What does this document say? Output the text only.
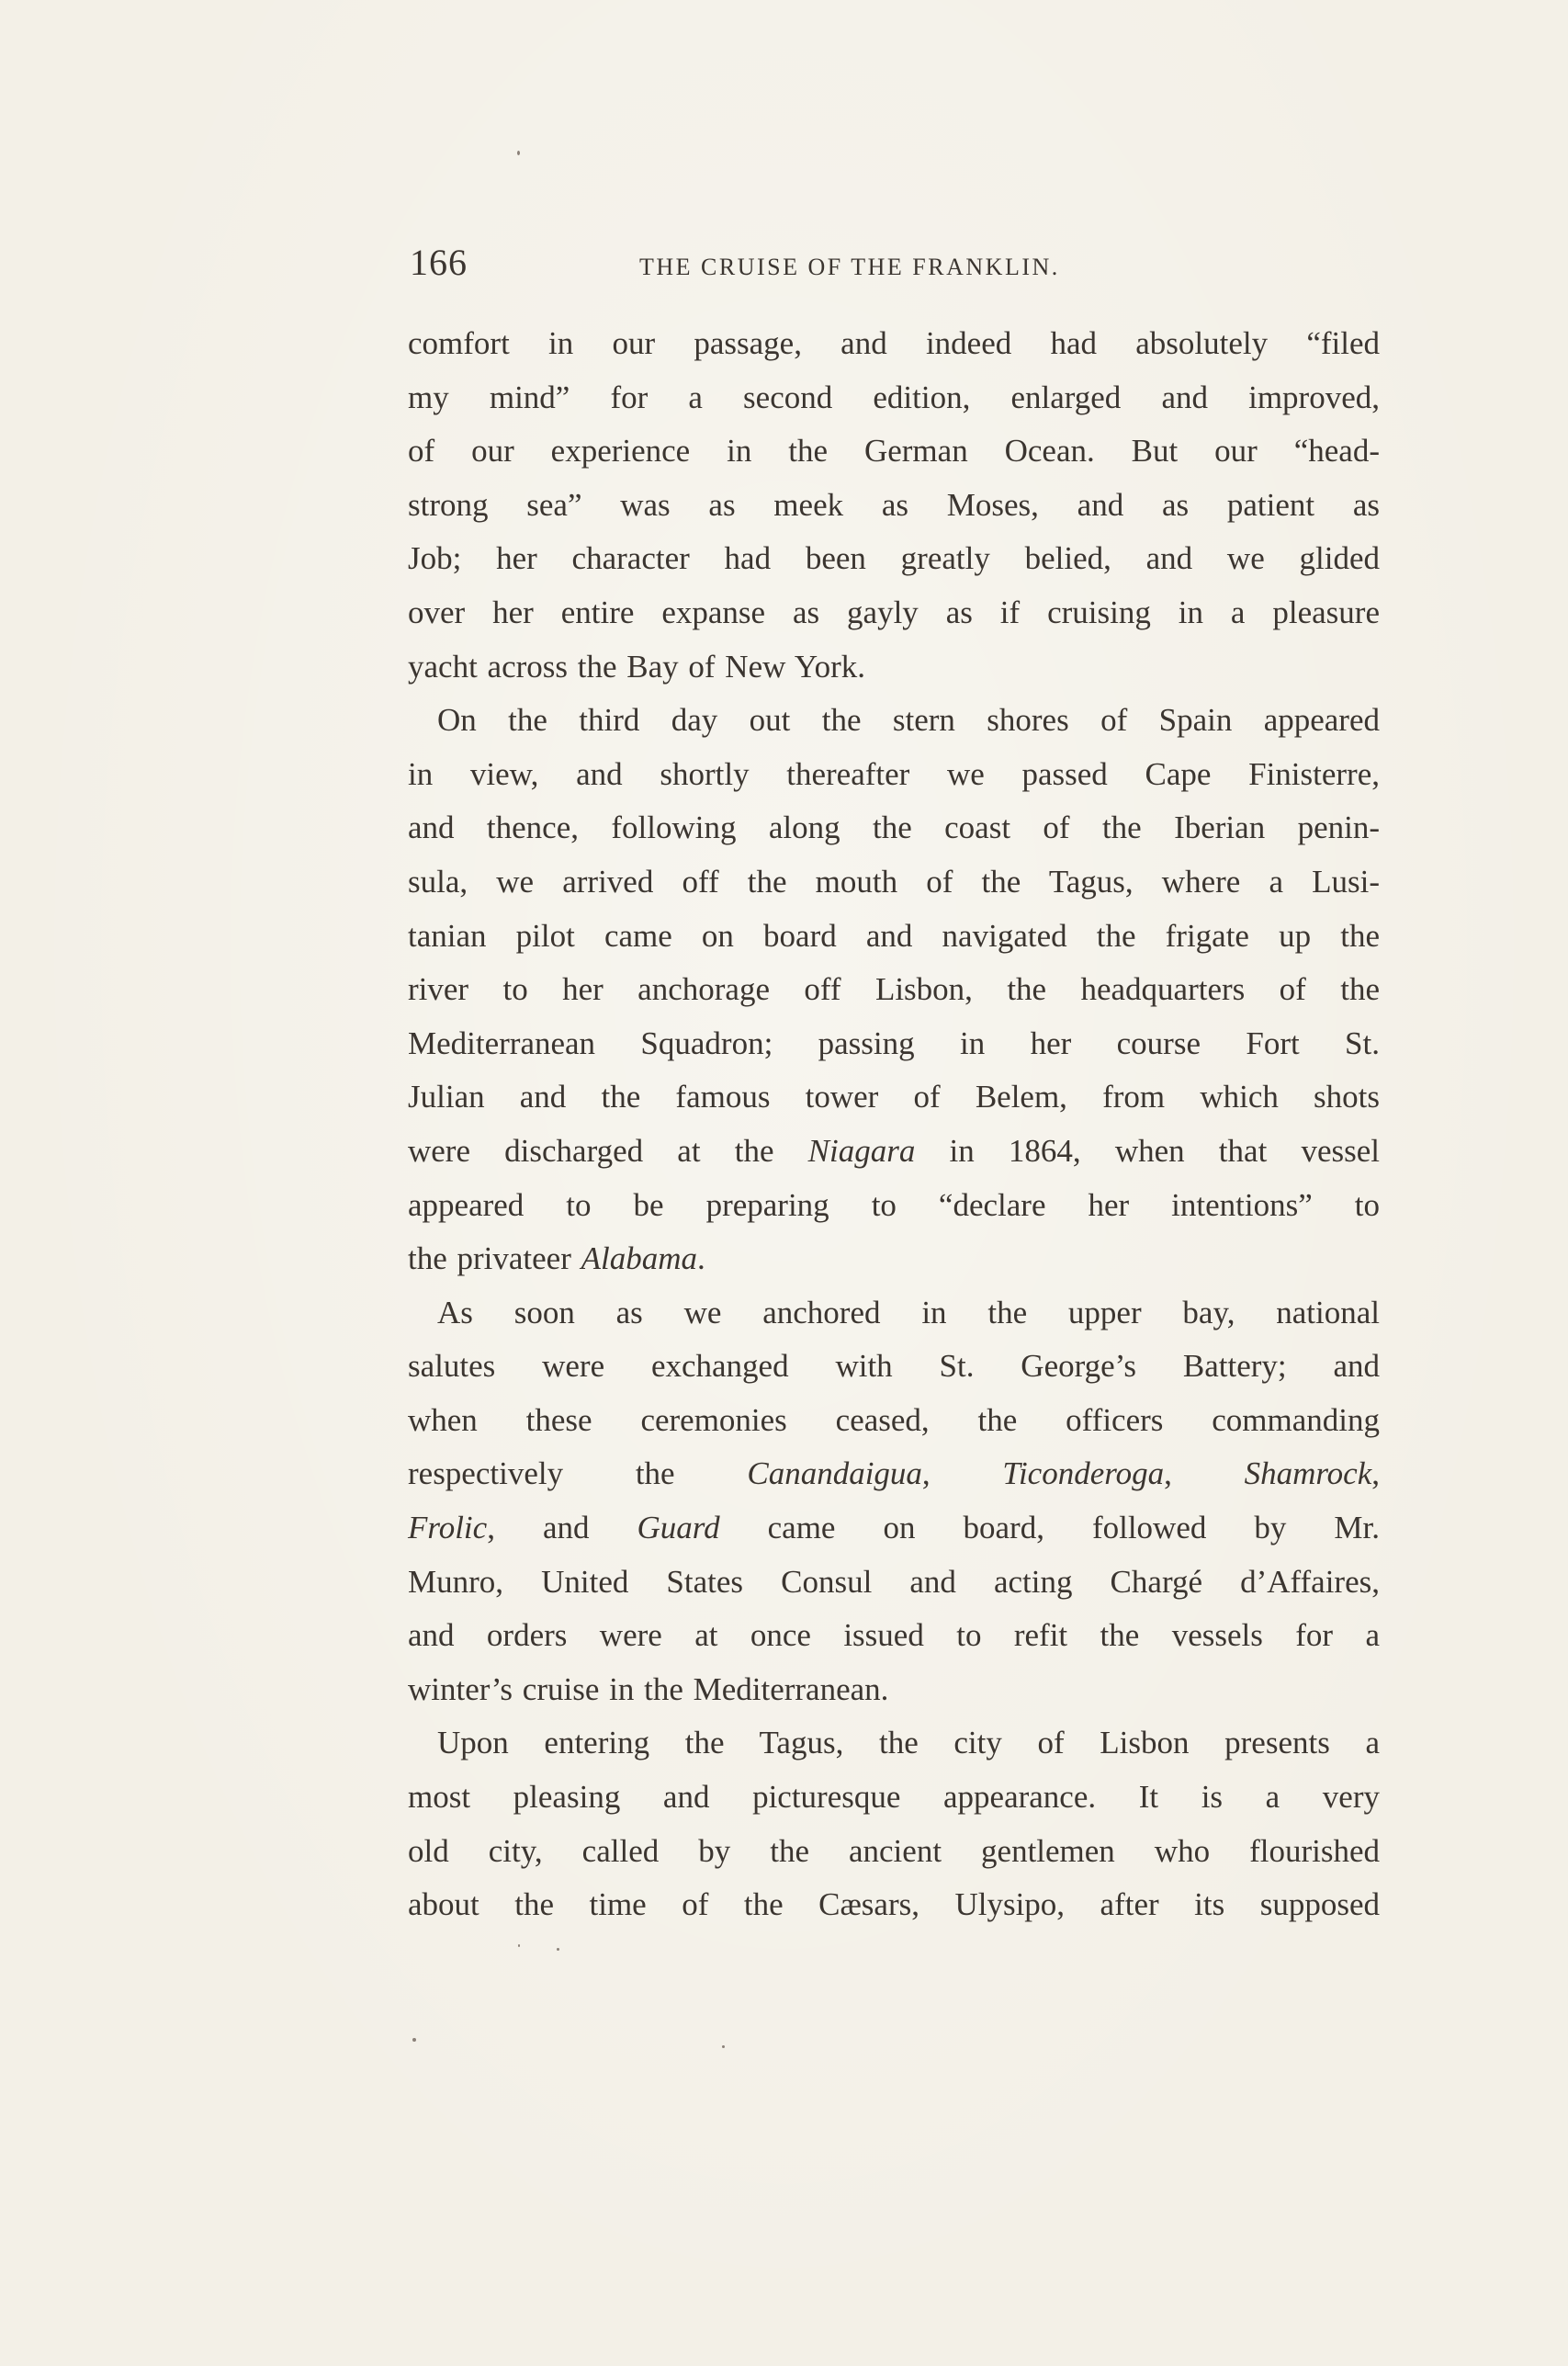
166	THE CRUISE OF THE FRANKLIN.
comfort in our passage, and indeed had absolutely “filed
my mind” for a second edition, enlarged and improved,
of our experience in the German Ocean. But our “head-
strong sea” was as meek as Moses, and as patient as
Job; her character had been greatly belied, and we glided
over her entire expanse as gayly as if cruising in a pleasure
yacht across the Bay of New York.
On the third day out the stern shores of Spain appeared
in view, and shortly thereafter we passed Cape Finisterre,
and thence, following along the coast of the Iberian penin-
sula, we arrived off the mouth of the Tagus, where a Lusi-
tanian pilot came on board and navigated the frigate up the
river to her anchorage off Lisbon, the headquarters of the
Mediterranean Squadron; passing in her course Fort St.
Julian and the famous tower of Belem, from which shots
were discharged at the Niagara in 1864, when that vessel
appeared to be preparing to “declare her intentions” to
the privateer Alabama.
As soon as we anchored in the upper bay, national
salutes were exchanged with St. George’s Battery; and
when these ceremonies ceased, the officers commanding
respectively the Canandaigua, Ticonderoga, Shamrock,
Frolic, and Guard came on board, followed by Mr.
Munro, United States Consul and acting Chargé d’Affaires,
and orders were at once issued to refit the vessels for a
winter’s cruise in the Mediterranean.
Upon entering the Tagus, the city of Lisbon presents a
most pleasing and picturesque appearance. It is a very
old city, called by the ancient gentlemen who flourished
about the time of the Cæsars, Ulysipo, after its supposed
